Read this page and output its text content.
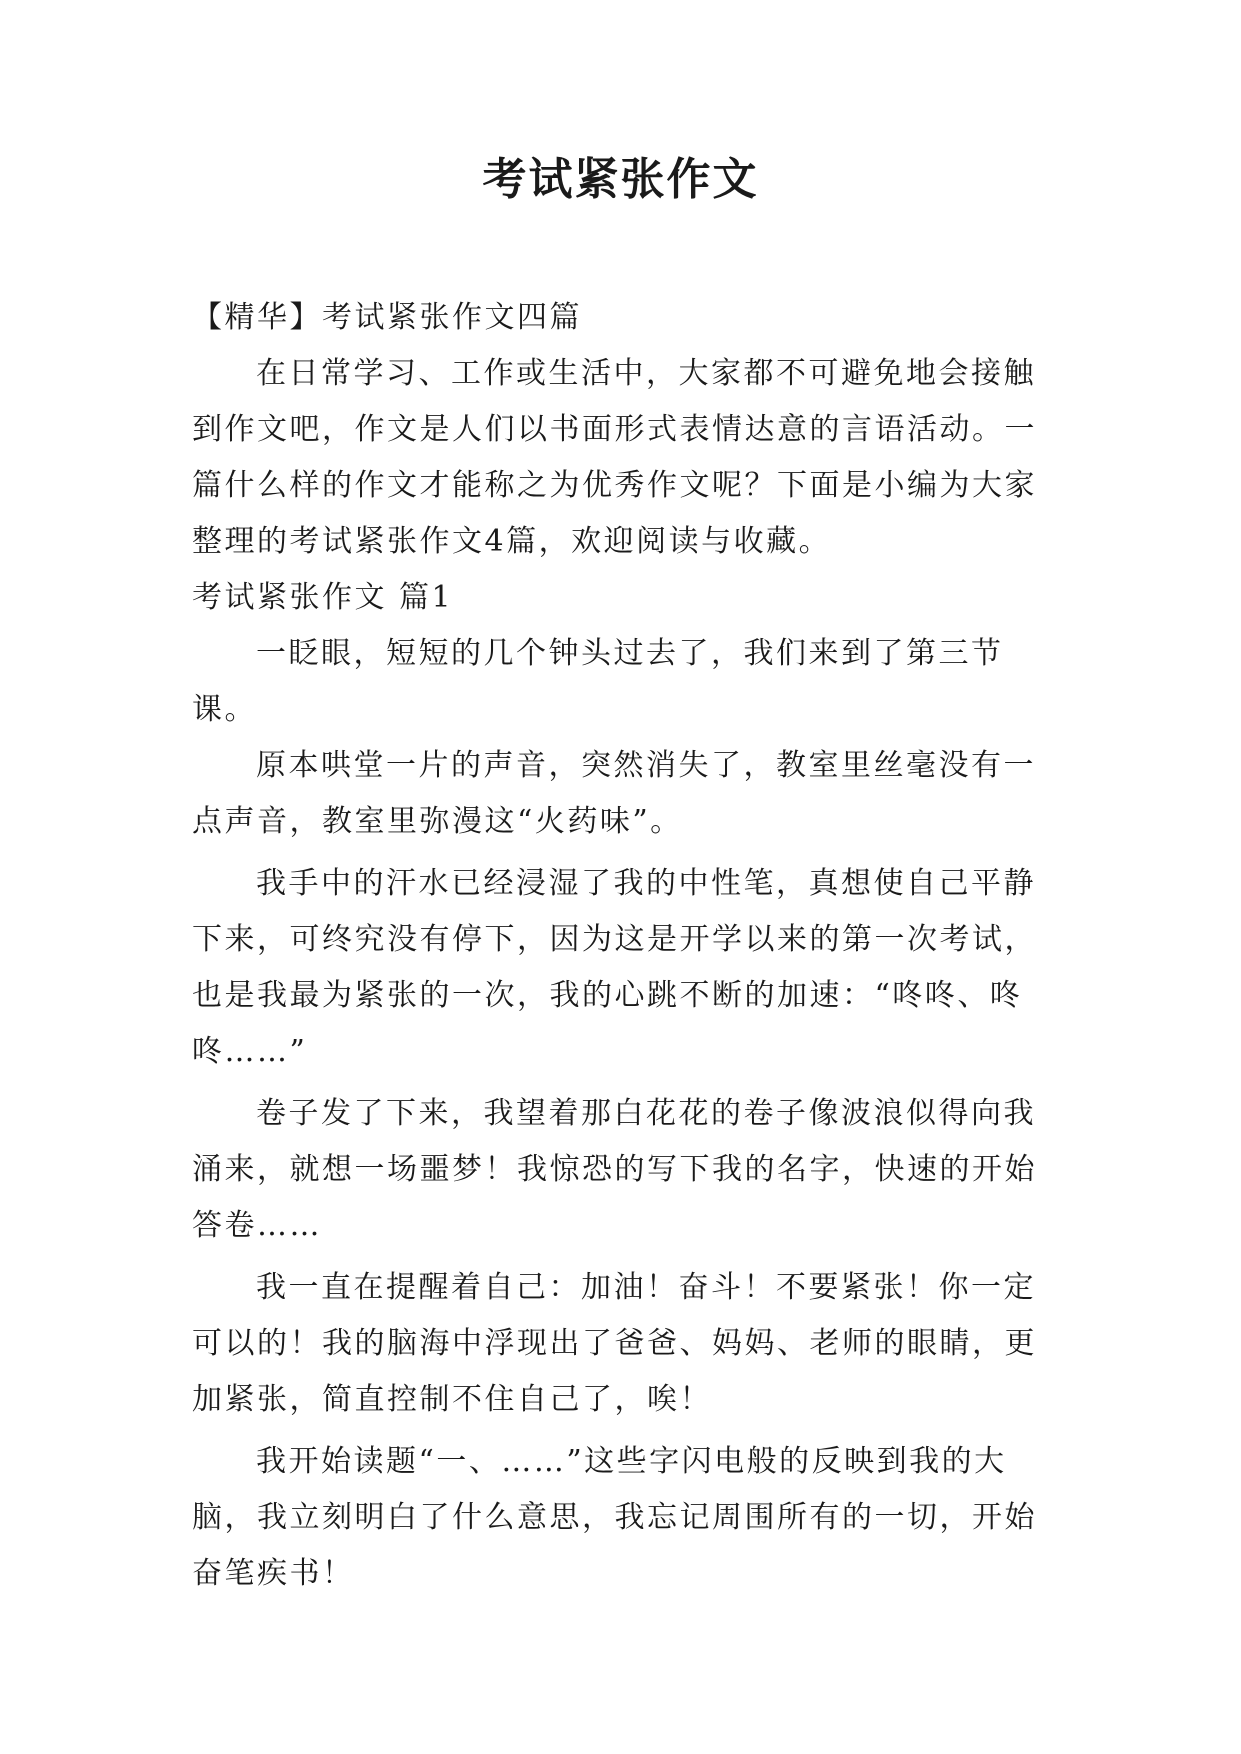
考试紧张作文

【精华】考试紧张作文四篇

在日常学习、工作或生活中，大家都不可避免地会接触到作文吧，作文是人们以书面形式表情达意的言语活动。一篇什么样的作文才能称之为优秀作文呢？下面是小编为大家整理的考试紧张作文4篇，欢迎阅读与收藏。

考试紧张作文 篇1

一眨眼，短短的几个钟头过去了，我们来到了第三节课。

原本哄堂一片的声音，突然消失了，教室里丝毫没有一点声音，教室里弥漫这“火药味”。

我手中的汗水已经浸湿了我的中性笔，真想使自己平静下来，可终究没有停下，因为这是开学以来的第一次考试，也是我最为紧张的一次，我的心跳不断的加速：“咚咚、咚咚……”

卷子发了下来，我望着那白花花的卷子像波浪似得向我涌来，就想一场噩梦！我惊恐的写下我的名字，快速的开始答卷……

我一直在提醒着自己：加油！奋斗！不要紧张！你一定可以的！我的脑海中浮现出了爸爸、妈妈、老师的眼睛，更加紧张，简直控制不住自己了，唉！

我开始读题“一、……”这些字闪电般的反映到我的大脑，我立刻明白了什么意思，我忘记周围所有的一切，开始奋笔疾书！
